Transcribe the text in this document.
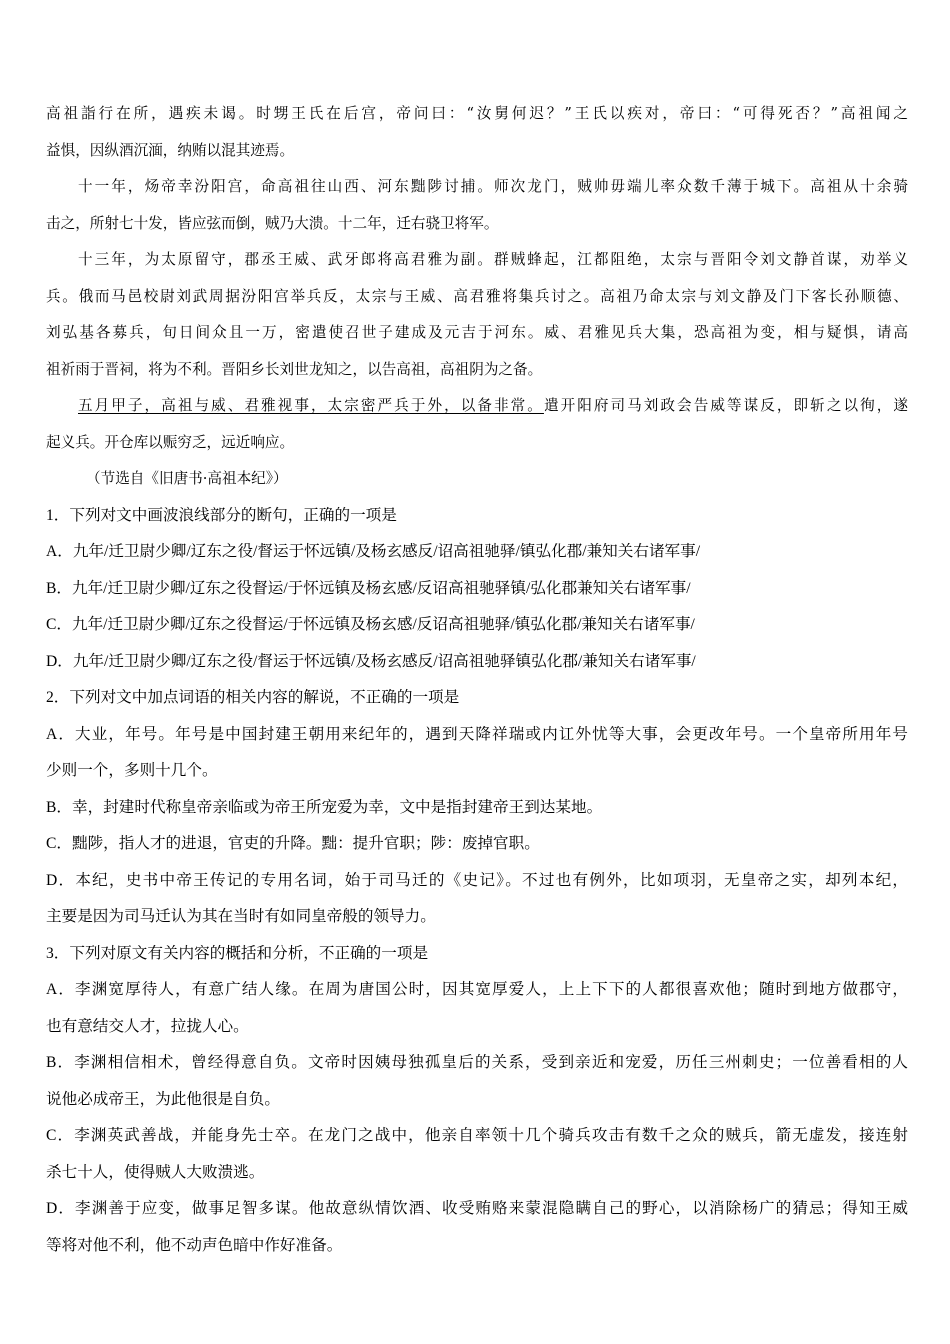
高祖詣行在所，遇疾未谒。时甥王氏在后宫，帝问曰：“汝舅何迟？”王氏以疾对，帝曰：“可得死否？”高祖闻之
益惧，因纵酒沉湎，纳贿以混其迹焉。
十一年，炀帝幸汾阳宫，命高祖往山西、河东黜陟讨捕。师次龙门，贼帅毋端儿率众数千薄于城下。高祖从十余骑
击之，所射七十发，皆应弦而倒，贼乃大溃。十二年，迁右骁卫将军。
十三年，为太原留守，郡丞王威、武牙郎将高君雅为副。群贼蜂起，江都阻绝，太宗与晋阳令刘文静首谋，劝举义
兵。俄而马邑校尉刘武周据汾阳宫举兵反，太宗与王威、高君雅将集兵讨之。高祖乃命太宗与刘文静及门下客长孙顺德、
刘弘基各募兵，旬日间众且一万，密遣使召世子建成及元吉于河东。威、君雅见兵大集，恐高祖为变，相与疑惧，请高
祖祈雨于晋祠，将为不利。晋阳乡长刘世龙知之，以告高祖，高祖阴为之备。
五月甲子，高祖与威、君雅视事，太宗密严兵于外，以备非常。遣开阳府司马刘政会告威等谋反，即斩之以徇，遂
起义兵。开仓库以赈穷乏，远近响应。
（节选自《旧唐书·高祖本纪》）
1．下列对文中画波浪线部分的断句，正确的一项是
A．九年/迁卫尉少卿/辽东之役/督运于怀远镇/及杨玄感反/诏高祖驰驿/镇弘化郡/兼知关右诸军事/
B．九年/迁卫尉少卿/辽东之役督运/于怀远镇及杨玄感/反诏高祖驰驿镇/弘化郡兼知关右诸军事/
C．九年/迁卫尉少卿/辽东之役督运/于怀远镇及杨玄感/反诏高祖驰驿/镇弘化郡/兼知关右诸军事/
D．九年/迁卫尉少卿/辽东之役/督运于怀远镇/及杨玄感反/诏高祖驰驿镇弘化郡/兼知关右诸军事/
2．下列对文中加点词语的相关内容的解说，不正确的一项是
A．大业，年号。年号是中国封建王朝用来纪年的，遇到天降祥瑞或内讧外忧等大事，会更改年号。一个皇帝所用年号
少则一个，多则十几个。
B．幸，封建时代称皇帝亲临或为帝王所宠爱为幸，文中是指封建帝王到达某地。
C．黜陟，指人才的进退，官吏的升降。黜：提升官职；陟：废掉官职。
D．本纪，史书中帝王传记的专用名词，始于司马迁的《史记》。不过也有例外，比如项羽，无皇帝之实，却列本纪，
主要是因为司马迁认为其在当时有如同皇帝般的领导力。
3．下列对原文有关内容的概括和分析，不正确的一项是
A．李渊宽厚待人，有意广结人缘。在周为唐国公时，因其宽厚爱人，上上下下的人都很喜欢他；随时到地方做郡守，
也有意结交人才，拉拢人心。
B．李渊相信相术，曾经得意自负。文帝时因姨母独孤皇后的关系，受到亲近和宠爱，历任三州刺史；一位善看相的人
说他必成帝王，为此他很是自负。
C．李渊英武善战，并能身先士卒。在龙门之战中，他亲自率领十几个骑兵攻击有数千之众的贼兵，箭无虚发，接连射
杀七十人，使得贼人大败溃逃。
D．李渊善于应变，做事足智多谋。他故意纵情饮酒、收受贿赂来蒙混隐瞒自己的野心，以消除杨广的猜忌；得知王威
等将对他不利，他不动声色暗中作好准备。
